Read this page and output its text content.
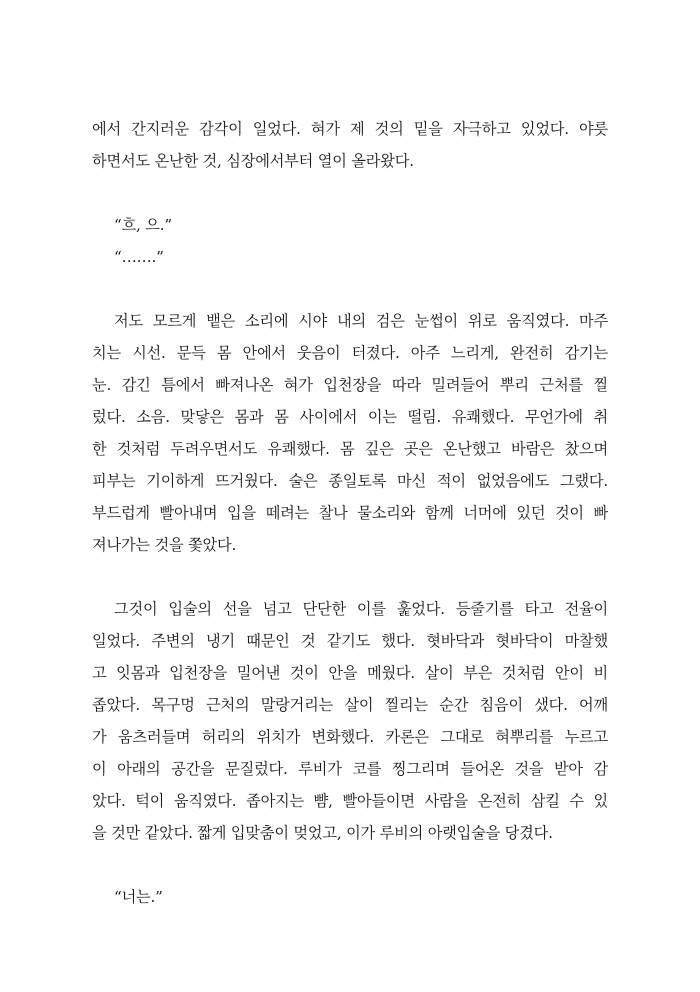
에서 간지러운 감각이 일었다. 혀가 제 것의 밑을 자극하고 있었다. 야릇
하면서도 온난한 것, 심장에서부터 열이 올라왔다.
“흐, 으.”
“…….”
저도 모르게 뱉은 소리에 시야 내의 검은 눈썹이 위로 움직였다. 마주
치는 시선. 문득 몸 안에서 웃음이 터졌다. 아주 느리게, 완전히 감기는
눈. 감긴 틈에서 빠져나온 혀가 입천장을 따라 밀려들어 뿌리 근처를 찔
렀다. 소음. 맞닿은 몸과 몸 사이에서 이는 떨림. 유쾌했다. 무언가에 취
한 것처럼 두려우면서도 유쾌했다. 몸 깊은 곳은 온난했고 바람은 찼으며
피부는 기이하게 뜨거웠다. 술은 종일토록 마신 적이 없었음에도 그랬다.
부드럽게 빨아내며 입을 떼려는 찰나 물소리와 함께 너머에 있던 것이 빠
져나가는 것을 쫓았다.
그것이 입술의 선을 넘고 단단한 이를 훑었다. 등줄기를 타고 전율이
일었다. 주변의 냉기 때문인 것 같기도 했다. 혓바닥과 혓바닥이 마찰했
고 잇몸과 입천장을 밀어낸 것이 안을 메웠다. 살이 부은 것처럼 안이 비
좁았다. 목구멍 근처의 말랑거리는 살이 찔리는 순간 침음이 샜다. 어깨
가 움츠러들며 허리의 위치가 변화했다. 카론은 그대로 혀뿌리를 누르고
이 아래의 공간을 문질렀다. 루비가 코를 찡그리며 들어온 것을 받아 감
았다. 턱이 움직였다. 좁아지는 뺨, 빨아들이면 사람을 온전히 삼킬 수 있
을 것만 같았다. 짧게 입맞춤이 멎었고, 이가 루비의 아랫입술을 당겼다.
“너는.”
